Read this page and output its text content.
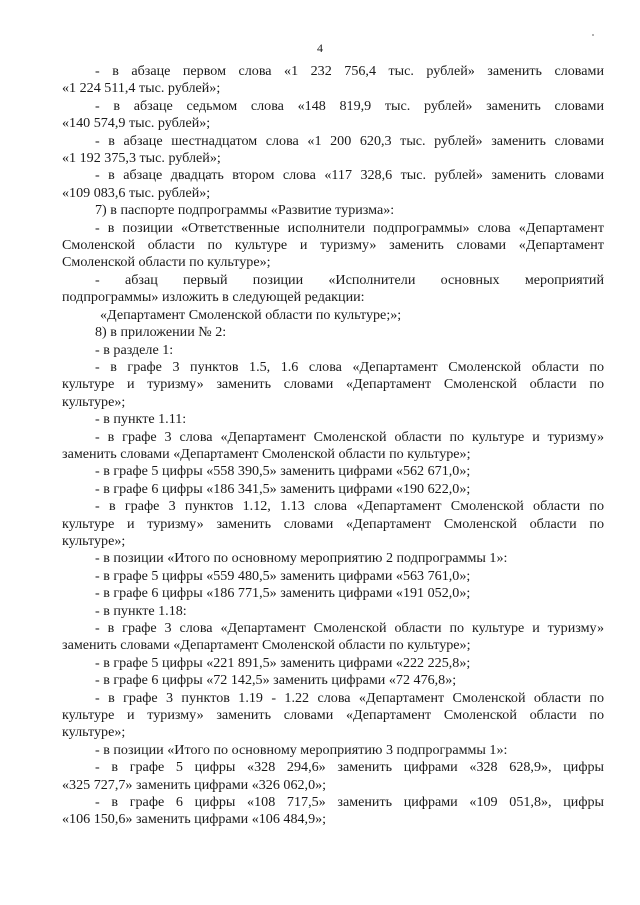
4
- в абзаце первом слова «1 232 756,4 тыс. рублей» заменить словами
«1 224 511,4 тыс. рублей»;
- в абзаце седьмом слова «148 819,9 тыс. рублей» заменить словами
«140 574,9 тыс. рублей»;
- в абзаце шестнадцатом слова «1 200 620,3 тыс. рублей» заменить словами
«1 192 375,3 тыс. рублей»;
- в абзаце двадцать втором слова «117 328,6 тыс. рублей» заменить словами
«109 083,6 тыс. рублей»;
7) в паспорте подпрограммы «Развитие туризма»:
- в позиции «Ответственные исполнители подпрограммы» слова «Департамент
Смоленской области по культуре и туризму» заменить словами «Департамент
Смоленской области по культуре»;
- абзац первый позиции «Исполнители основных мероприятий
подпрограммы» изложить в следующей редакции:
«Департамент Смоленской области по культуре;»;
8) в приложении № 2:
- в разделе 1:
- в графе 3 пунктов 1.5, 1.6 слова «Департамент Смоленской области по
культуре и туризму» заменить словами «Департамент Смоленской области по
культуре»;
- в пункте 1.11:
- в графе 3 слова «Департамент Смоленской области по культуре и туризму»
заменить словами «Департамент Смоленской области по культуре»;
- в графе 5 цифры «558 390,5» заменить цифрами «562 671,0»;
- в графе 6 цифры «186 341,5» заменить цифрами «190 622,0»;
- в графе 3 пунктов 1.12, 1.13 слова «Департамент Смоленской области по
культуре и туризму» заменить словами «Департамент Смоленской области по
культуре»;
- в позиции «Итого по основному мероприятию 2 подпрограммы 1»:
- в графе 5 цифры «559 480,5» заменить цифрами «563 761,0»;
- в графе 6 цифры «186 771,5» заменить цифрами «191 052,0»;
- в пункте 1.18:
- в графе 3 слова «Департамент Смоленской области по культуре и туризму»
заменить словами «Департамент Смоленской области по культуре»;
- в графе 5 цифры «221 891,5» заменить цифрами «222 225,8»;
- в графе 6 цифры «72 142,5» заменить цифрами «72 476,8»;
- в графе 3 пунктов 1.19 - 1.22 слова «Департамент Смоленской области по
культуре и туризму» заменить словами «Департамент Смоленской области по
культуре»;
- в позиции «Итого по основному мероприятию 3 подпрограммы 1»:
- в графе 5 цифры «328 294,6» заменить цифрами «328 628,9», цифры
«325 727,7» заменить цифрами «326 062,0»;
- в графе 6 цифры «108 717,5» заменить цифрами «109 051,8», цифры
«106 150,6» заменить цифрами «106 484,9»;
